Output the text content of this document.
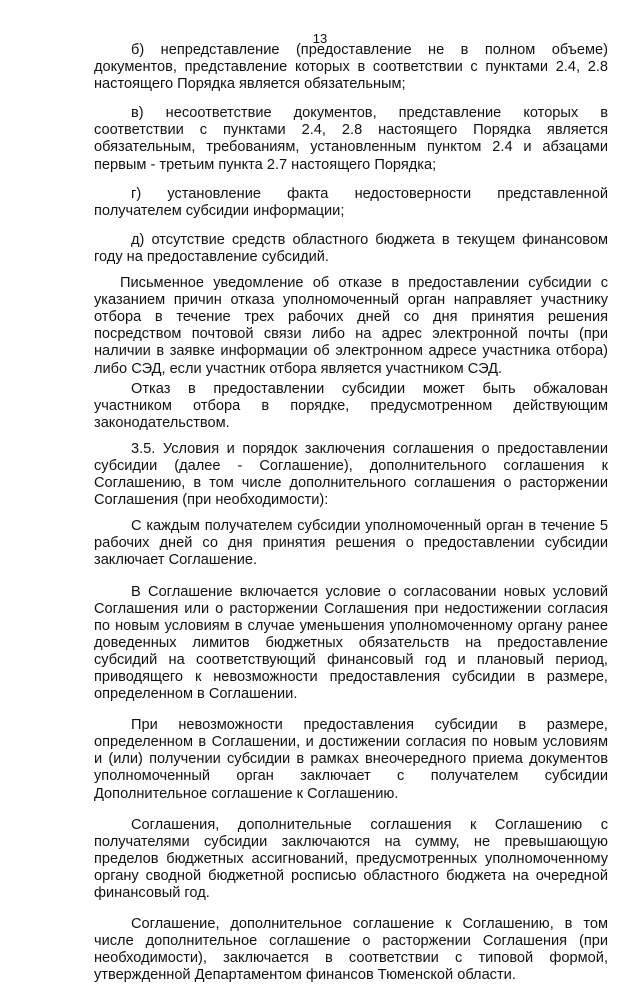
13

б) непредставление (предоставление не в полном объеме) документов, представление которых в соответствии с пунктами 2.4, 2.8 настоящего Порядка является обязательным;

в) несоответствие документов, представление которых в соответствии с пунктами 2.4, 2.8 настоящего Порядка является обязательным, требованиям, установленным пунктом 2.4 и абзацами первым - третьим пункта 2.7 настоящего Порядка;

г) установление факта недостоверности представленной получателем субсидии информации;

д) отсутствие средств областного бюджета в текущем финансовом году на предоставление субсидий.

Письменное уведомление об отказе в предоставлении субсидии с указанием причин отказа уполномоченный орган направляет участнику отбора в течение трех рабочих дней со дня принятия решения посредством почтовой связи либо на адрес электронной почты (при наличии в заявке информации об электронном адресе участника отбора) либо СЭД, если участник отбора является участником СЭД.

Отказ в предоставлении субсидии может быть обжалован участником отбора в порядке, предусмотренном действующим законодательством.

3.5. Условия и порядок заключения соглашения о предоставлении субсидии (далее - Соглашение), дополнительного соглашения к Соглашению, в том числе дополнительного соглашения о расторжении Соглашения (при необходимости):

С каждым получателем субсидии уполномоченный орган в течение 5 рабочих дней со дня принятия решения о предоставлении субсидии заключает Соглашение.

В Соглашение включается условие о согласовании новых условий Соглашения или о расторжении Соглашения при недостижении согласия по новым условиям в случае уменьшения уполномоченному органу ранее доведенных лимитов бюджетных обязательств на предоставление субсидий на соответствующий финансовый год и плановый период, приводящего к невозможности предоставления субсидии в размере, определенном в Соглашении.

При невозможности предоставления субсидии в размере, определенном в Соглашении, и достижении согласия по новым условиям и (или) получении субсидии в рамках внеочередного приема документов уполномоченный орган заключает с получателем субсидии Дополнительное соглашение к Соглашению.

Соглашения, дополнительные соглашения к Соглашению с получателями субсидии заключаются на сумму, не превышающую пределов бюджетных ассигнований, предусмотренных уполномоченному органу сводной бюджетной росписью областного бюджета на очередной финансовый год.

Соглашение, дополнительное соглашение к Соглашению, в том числе дополнительное соглашение о расторжении Соглашения (при необходимости), заключается в соответствии с типовой формой, утвержденной Департаментом финансов Тюменской области.
